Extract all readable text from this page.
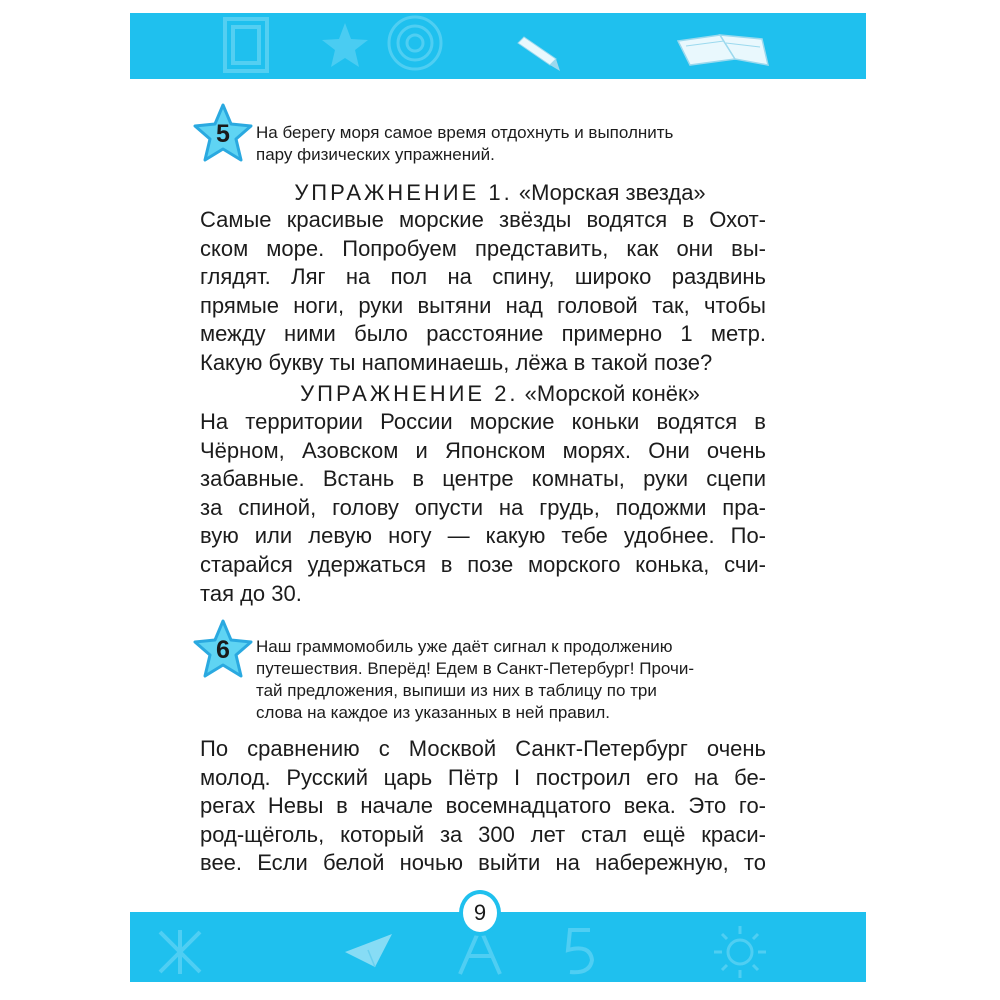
5	На берегу моря самое время отдохнуть и выполнить
пару физических упражнений.
УПРАЖНЕНИЕ 1. «Морская звезда»
Самые красивые морские звёзды водятся в Охот-
ском море. Попробуем представить, как они вы-
глядят. Ляг на пол на спину, широко раздвинь
прямые ноги, руки вытяни над головой так, чтобы
между ними было расстояние примерно 1 метр.
Какую букву ты напоминаешь, лёжа в такой позе?
УПРАЖНЕНИЕ 2. «Морской конёк»
На территории России морские коньки водятся в
Чёрном, Азовском и Японском морях. Они очень
забавные. Встань в центре комнаты, руки сцепи
за спиной, голову опусти на грудь, подожми пра-
вую или левую ногу — какую тебе удобнее. По-
старайся удержаться в позе морского конька, счи-
тая до 30.
6	Наш граммомобиль уже даёт сигнал к продолжению
путешествия. Вперёд! Едем в Санкт-Петербург! Прочи-
тай предложения, выпиши из них в таблицу по три
слова на каждое из указанных в ней правил.
По сравнению с Москвой Санкт-Петербург очень
молод. Русский царь Пётр I построил его на бе-
регах Невы в начале восемнадцатого века. Это го-
род-щёголь, который за 300 лет стал ещё краси-
вее. Если белой ночью выйти на набережную, то
9
